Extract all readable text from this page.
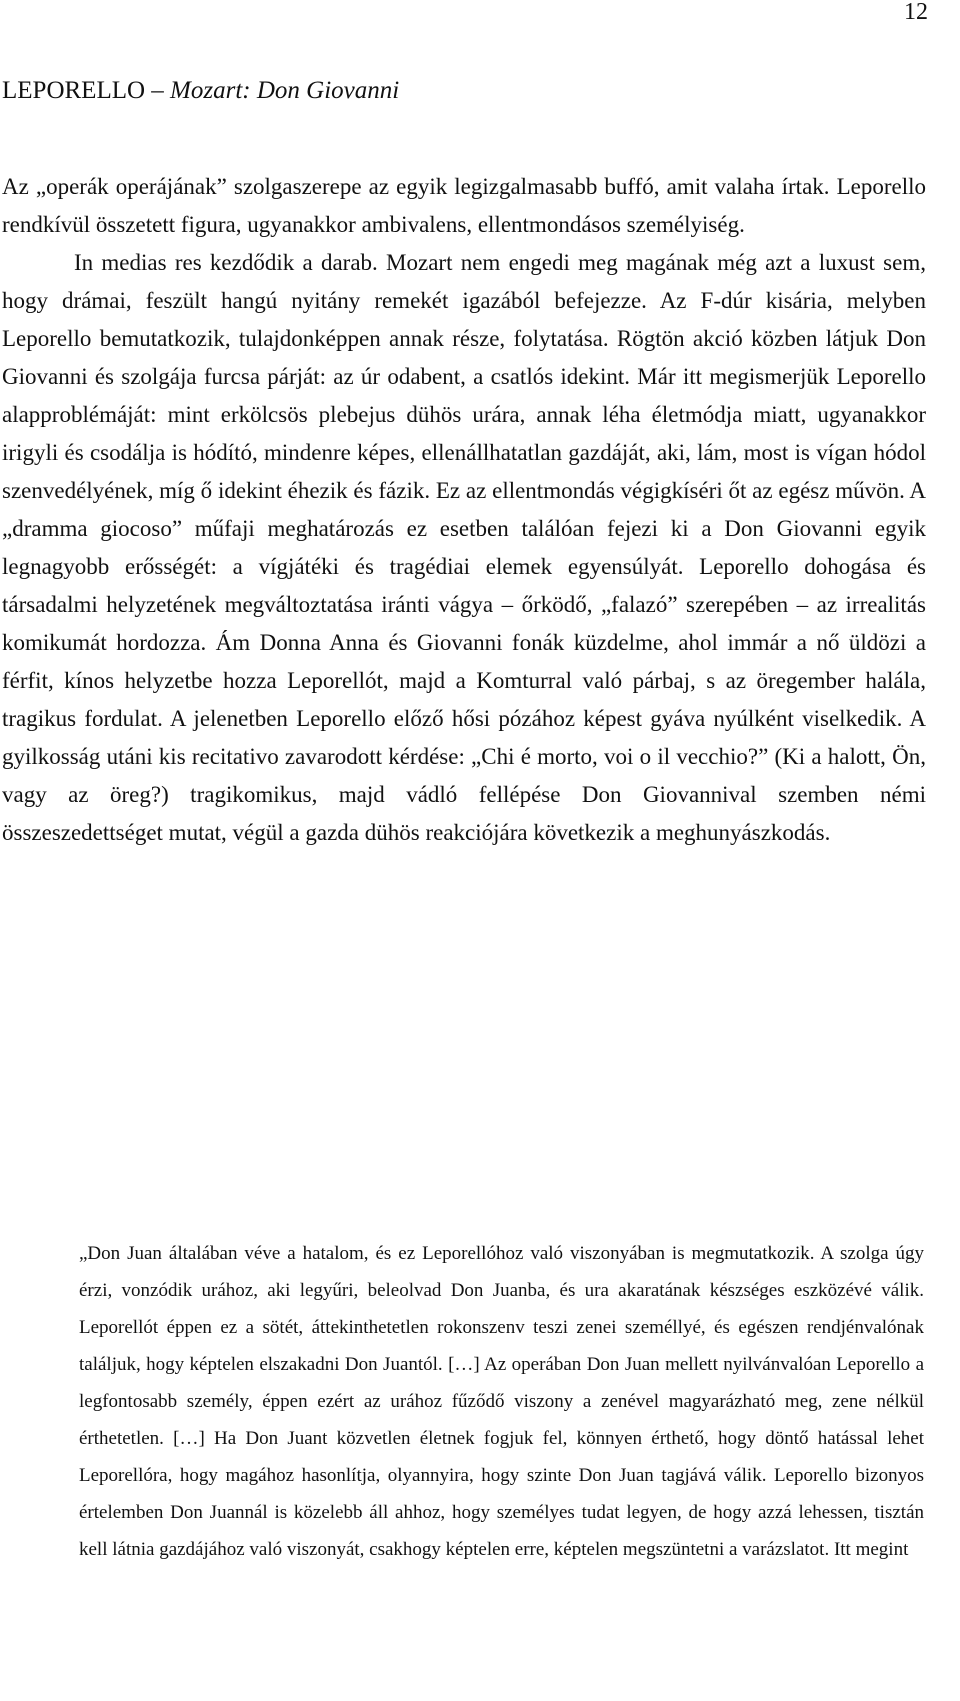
12
LEPORELLO – Mozart: Don Giovanni

Az „operák operájának” szolgaszerepe az egyik legizgalmasabb buffó, amit valaha írtak. Leporello rendkívül összetett figura, ugyanakkor ambivalens, ellentmondásos személyiség.

In medias res kezdődik a darab. Mozart nem engedi meg magának még azt a luxust sem, hogy drámai, feszült hangú nyitány remekét igazából befejezze. Az F-dúr kisária, melyben Leporello bemutatkozik, tulajdonképpen annak része, folytatása. Rögtön akció közben látjuk Don Giovanni és szolgája furcsa párját: az úr odabent, a csatlós idekint. Már itt megismerjük Leporello alapproblémáját: mint erkölcsös plebejus dühös urára, annak léha életmódja miatt, ugyanakkor irigyli és csodálja is hódító, mindenre képes, ellenállhatatlan gazdáját, aki, lám, most is vígan hódol szenvedélyének, míg ő idekint éhezik és fázik. Ez az ellentmondás végigkíséri őt az egész művön. A „dramma giocoso” műfaji meghatározás ez esetben találóan fejezi ki a Don Giovanni egyik legnagyobb erősségét: a vígjátéki és tragédiai elemek egyensúlyát. Leporello dohogása és társadalmi helyzetének megváltoztatása iránti vágya – őrködő, „falazó” szerepében – az irrealitás komikumát hordozza. Ám Donna Anna és Giovanni fonák küzdelme, ahol immár a nő üldözi a férfit, kínos helyzetbe hozza Leporellót, majd a Komturral való párbaj, s az öregember halála, tragikus fordulat. A jelenetben Leporello előző hősi pózához képest gyáva nyúlként viselkedik. A gyilkosság utáni kis recitativo zavarodott kérdése: „Chi é morto, voi o il vecchio?” (Ki a halott, Ön, vagy az öreg?) tragikomikus, majd vádló fellépése Don Giovannival szemben némi összeszedettséget mutat, végül a gazda dühös reakciójára következik a meghunyászkodás.

„Don Juan általában véve a hatalom, és ez Leporellóhoz való viszonyában is megmutatkozik. A szolga úgy érzi, vonzódik urához, aki legyűri, beleolvad Don Juanba, és ura akaratának készséges eszközévé válik. Leporellót éppen ez a sötét, áttekinthetetlen rokonszenv teszi zenei személlyé, és egészen rendjénvalónak találjuk, hogy képtelen elszakadni Don Juantól. […] Az operában Don Juan mellett nyilvánvalóan Leporello a legfontosabb személy, éppen ezért az urához fűződő viszony a zenével magyarázható meg, zene nélkül érthetetlen. […] Ha Don Juant közvetlen életnek fogjuk fel, könnyen érthető, hogy döntő hatással lehet Leporellóra, hogy magához hasonlítja, olyannyira, hogy szinte Don Juan tagjává válik. Leporello bizonyos értelemben Don Juannál is közelebb áll ahhoz, hogy személyes tudat legyen, de hogy azzá lehessen, tisztán kell látnia gazdájához való viszonyát, csakhogy képtelen erre, képtelen megszüntetni a varázslatot. Itt megint
